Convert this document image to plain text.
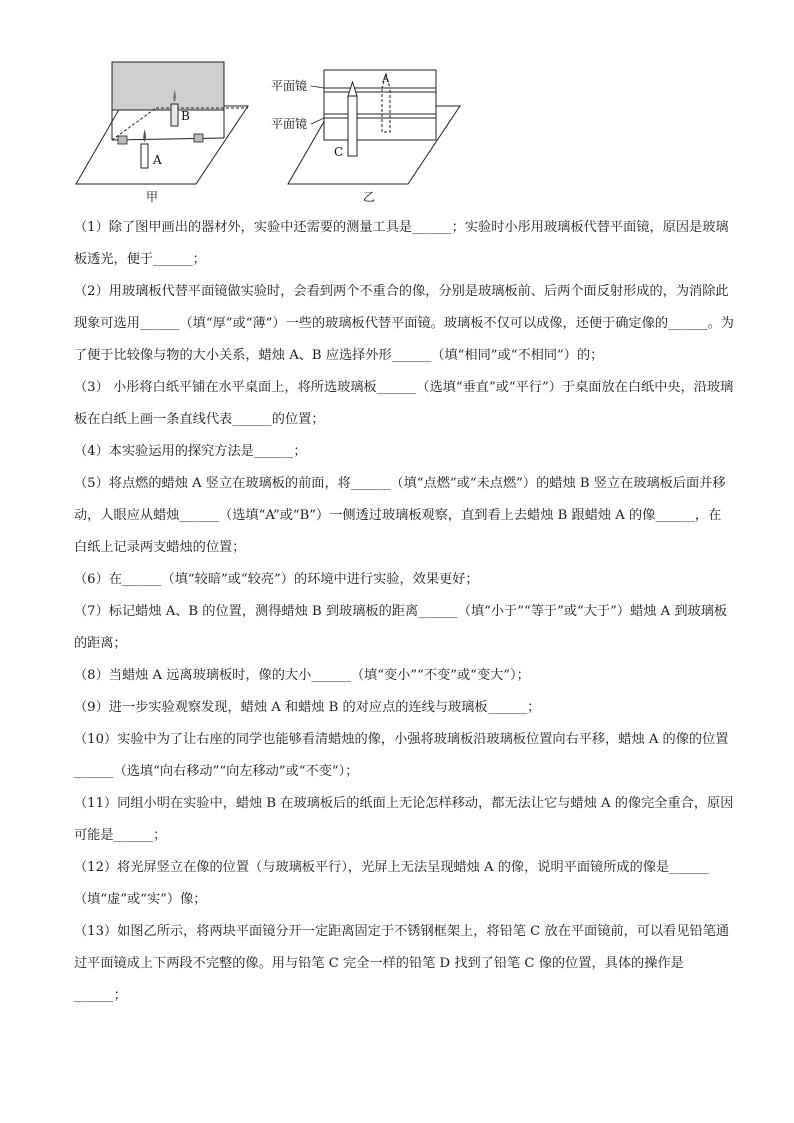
B
A
甲
平面镜
平面镜
C
A
乙

（1）除了图甲画出的器材外，实验中还需要的测量工具是______；实验时小彤用玻璃板代替平面镜，原因是玻璃板透光，便于______；

（2）用玻璃板代替平面镜做实验时，会看到两个不重合的像，分别是玻璃板前、后两个面反射形成的，为消除此现象可选用______（填“厚”或“薄”）一些的玻璃板代替平面镜。玻璃板不仅可以成像，还便于确定像的______。为了便于比较像与物的大小关系，蜡烛 A、B 应选择外形______（填“相同”或“不相同”）的；

（3） 小彤将白纸平铺在水平桌面上，将所选玻璃板______（选填“垂直”或“平行”）于桌面放在白纸中央，沿玻璃板在白纸上画一条直线代表______的位置；

（4）本实验运用的探究方法是______；

（5）将点燃的蜡烛 A 竖立在玻璃板的前面，将______（填“点燃”或“未点燃”）的蜡烛 B 竖立在玻璃板后面并移动，人眼应从蜡烛______（选填“A”或“B”）一侧透过玻璃板观察，直到看上去蜡烛 B 跟蜡烛 A 的像______，在白纸上记录两支蜡烛的位置；

（6）在______（填“较暗”或“较亮”）的环境中进行实验，效果更好；

（7）标记蜡烛 A、B 的位置，测得蜡烛 B 到玻璃板的距离______（填“小于”“等于”或“大于”）蜡烛 A 到玻璃板的距离；

（8）当蜡烛 A 远离玻璃板时，像的大小______（填“变小”“不变”或“变大”）；

（9）进一步实验观察发现，蜡烛 A 和蜡烛 B 的对应点的连线与玻璃板______；

（10）实验中为了让右座的同学也能够看清蜡烛的像，小强将玻璃板沿玻璃板位置向右平移，蜡烛 A 的像的位置______（选填“向右移动”“向左移动”或“不变”）；

（11）同组小明在实验中，蜡烛 B 在玻璃板后的纸面上无论怎样移动，都无法让它与蜡烛 A 的像完全重合，原因可能是______；

（12）将光屏竖立在像的位置（与玻璃板平行），光屏上无法呈现蜡烛 A 的像，说明平面镜所成的像是______（填“虚”或“实”）像；

（13）如图乙所示，将两块平面镜分开一定距离固定于不锈钢框架上，将铅笔 C 放在平面镜前，可以看见铅笔通过平面镜成上下两段不完整的像。用与铅笔 C 完全一样的铅笔 D 找到了铅笔 C 像的位置，具体的操作是______；
